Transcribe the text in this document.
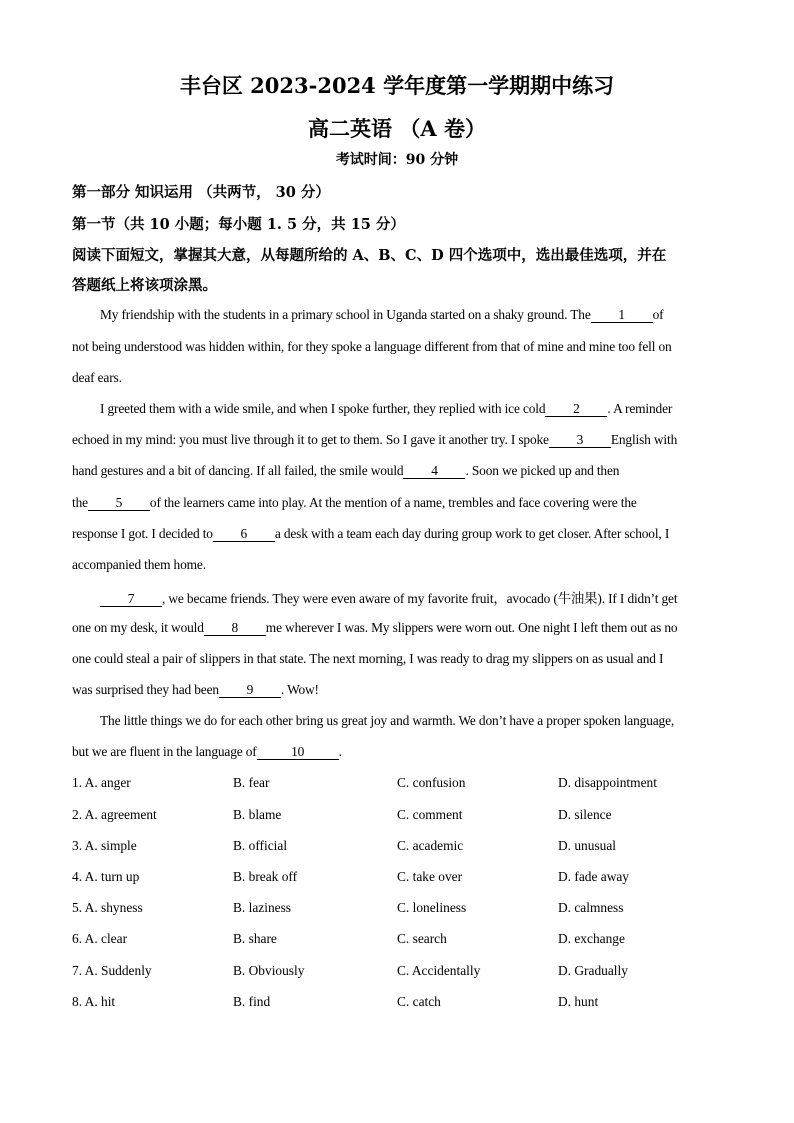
丰台区 2023-2024 学年度第一学期期中练习
高二英语 （A 卷）
考试时间：90 分钟
第一部分 知识运用 （共两节， 30 分）
第一节（共 10 小题；每小题 1. 5 分，共 15 分）
阅读下面短文，掌握其大意，从每题所给的 A、B、C、D 四个选项中，选出最佳选项，并在
答题纸上将该项涂黑。
My friendship with the students in a primary school in Uganda started on a shaky ground. The 1 of
not being understood was hidden within, for they spoke a language different from that of mine and mine too fell on
deaf ears.
I greeted them with a wide smile, and when I spoke further, they replied with ice cold 2 . A reminder
echoed in my mind: you must live through it to get to them. So I gave it another try. I spoke 3 English with
hand gestures and a bit of dancing. If all failed, the smile would 4 . Soon we picked up and then
the 5 of the learners came into play. At the mention of a name, trembles and face covering were the
response I got. I decided to 6 a desk with a team each day during group work to get closer. After school, I
accompanied them home.
7 , we became friends. They were even aware of my favorite fruit，avocado (牛油果). If I didn’t get
one on my desk, it would 8 me wherever I was. My slippers were worn out. One night I left them out as no
one could steal a pair of slippers in that state. The next morning, I was ready to drag my slippers on as usual and I
was surprised they had been 9 . Wow!
The little things we do for each other bring us great joy and warmth. We don’t have a proper spoken language,
but we are fluent in the language of	10	.
1. A. anger	B. fear	C. confusion	D. disappointment
2. A. agreement	B. blame	C. comment	D. silence
3. A. simple	B. official	C. academic	D. unusual
4. A. turn up	B. break off	C. take over	D. fade away
5. A. shyness	B. laziness	C. loneliness	D. calmness
6. A. clear	B. share	C. search	D. exchange
7. A. Suddenly	B. Obviously	C. Accidentally	D. Gradually
8. A. hit	B. find	C. catch	D. hunt
